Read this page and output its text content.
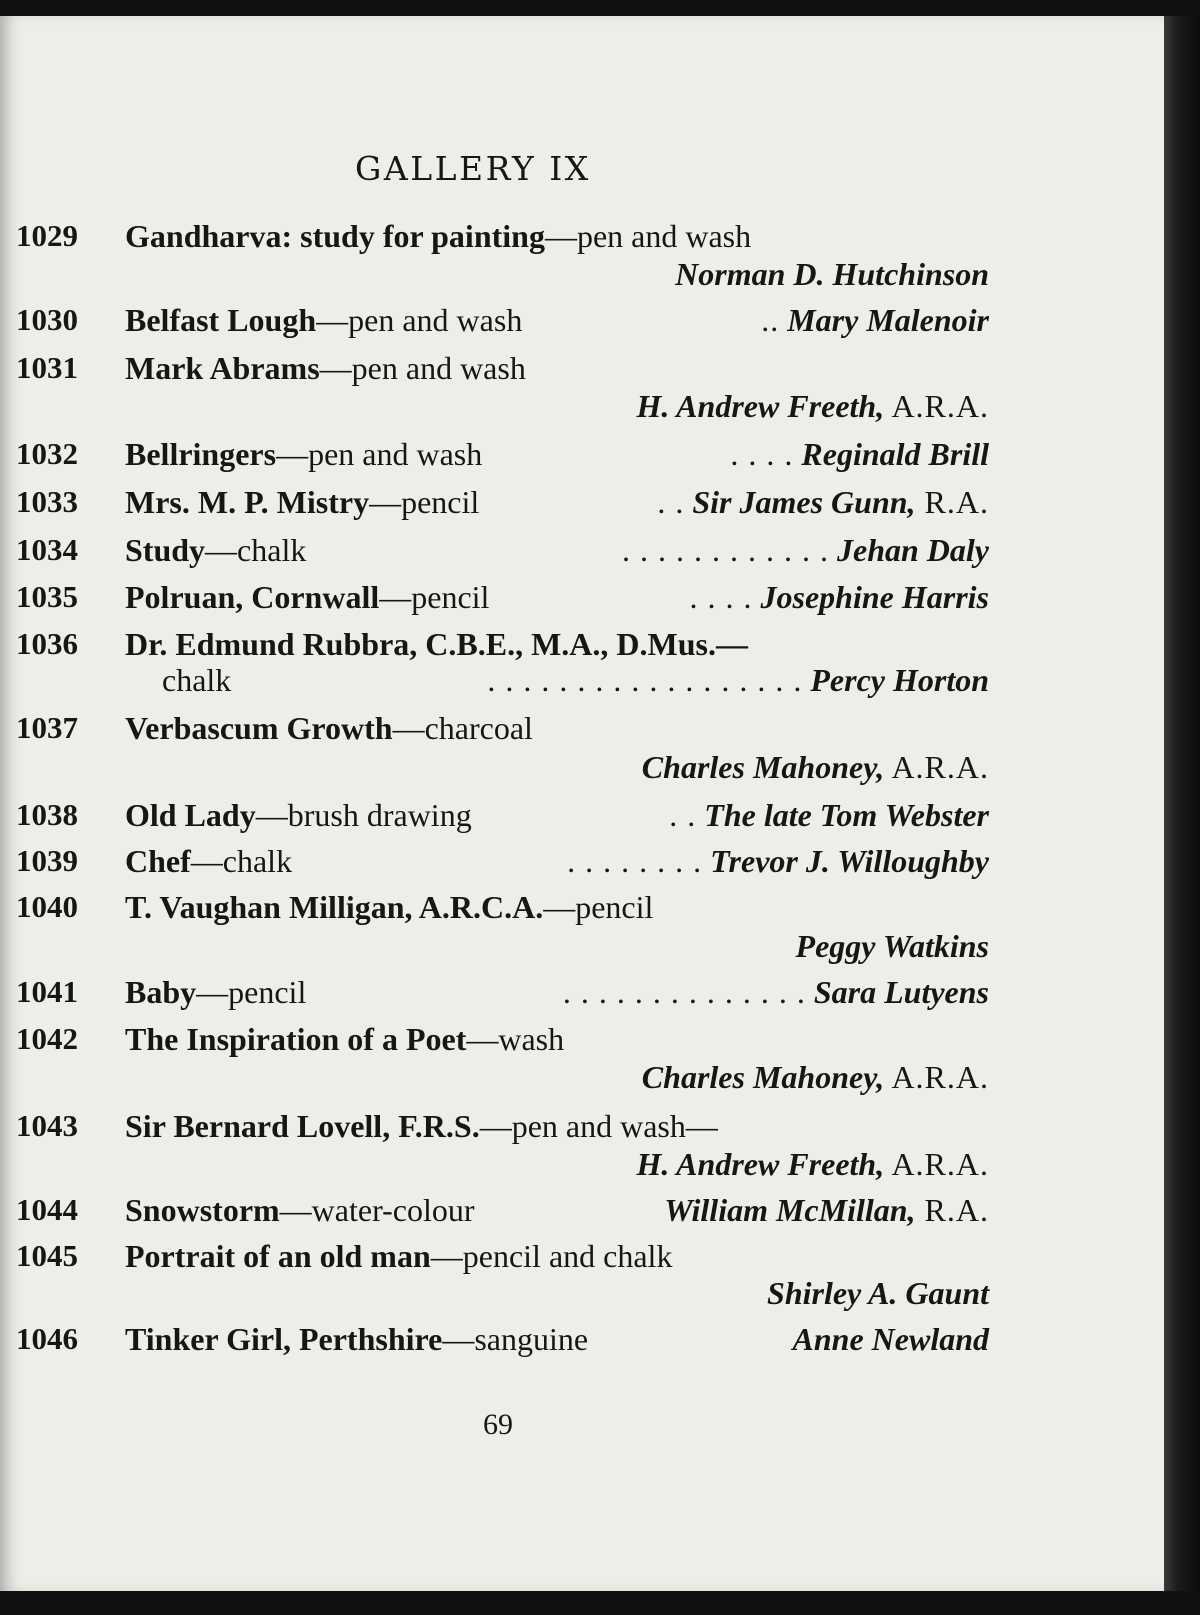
GALLERY IX
1029 Gandharva: study for painting—pen and wash
Norman D. Hutchinson
1030 Belfast Lough—pen and wash	.. Mary Malenoir
1031 Mark Abrams—pen and wash
H. Andrew Freeth, A.R.A.
1032 Bellringers—pen and wash	. . . . Reginald Brill
1033 Mrs. M. P. Mistry—pencil	. . Sir James Gunn, R.A.
1034 Study—chalk	. . . . . . . . . . . . Jehan Daly
1035 Polruan, Cornwall—pencil	. . . . Josephine Harris
1036 Dr. Edmund Rubbra, C.B.E., M.A., D.Mus.—
chalk	. . . . . . . . . . . . . . . . . . Percy Horton
1037 Verbascum Growth—charcoal
Charles Mahoney, A.R.A.
1038 Old Lady—brush drawing	. . The late Tom Webster
1039 Chef—chalk	. . . . . . . . Trevor J. Willoughby
1040 T. Vaughan Milligan, A.R.C.A.—pencil
Peggy Watkins
1041 Baby—pencil	. . . . . . . . . . . . . . Sara Lutyens
1042 The Inspiration of a Poet—wash
Charles Mahoney, A.R.A.
1043 Sir Bernard Lovell, F.R.S.—pen and wash—
H. Andrew Freeth, A.R.A.
1044 Snowstorm—water-colour	William McMillan, R.A.
1045 Portrait of an old man—pencil and chalk
Shirley A. Gaunt
1046 Tinker Girl, Perthshire—sanguine	Anne Newland
69
